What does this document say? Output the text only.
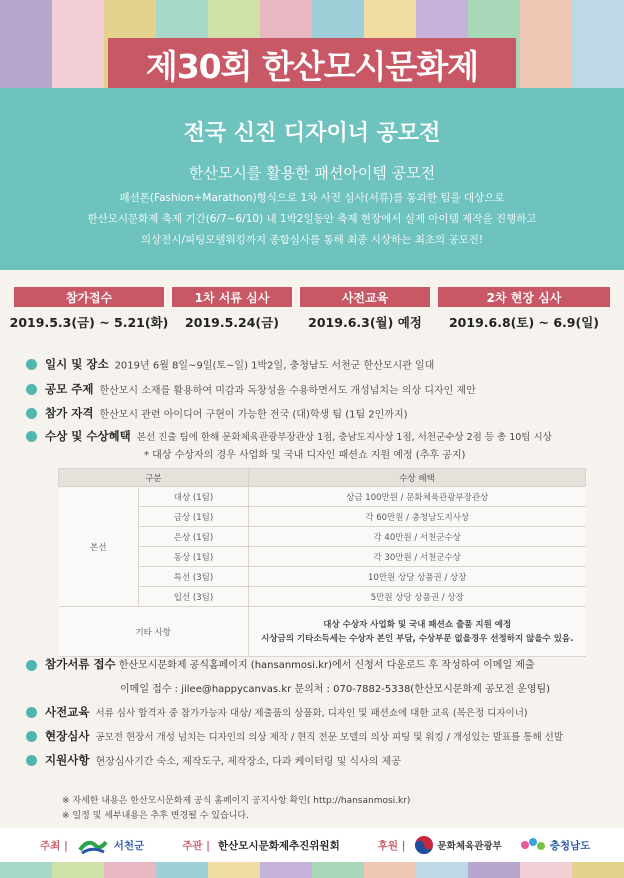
제30회 한산모시문화제
전국 신진 디자이너 공모전
한산모시를 활용한 패션아이템 공모전
패션톤(Fashion+Marathon)형식으로 1차 사전 심사(서류)를 통과한 팀을 대상으로
한산모시문화제 축제 기간(6/7~6/10) 내 1박2일동안 축제 현장에서 실제 아이템 제작을 진행하고
의상전시/피팅모델워킹까지 종합심사를 통해 최종 시상하는 최초의 공모전!
참가접수
2019.5.3(금) ~ 5.21(화)
1차 서류 심사
2019.5.24(금)
사전교육
2019.6.3(월) 예정
2차 현장 심사
2019.6.8(토) ~ 6.9(일)
일시 및 장소 2019년 6월 8일~9일(토~일) 1박2일, 충청남도 서천군 한산모시관 일대
공모 주제 한산모시 소재를 활용하여 미감과 독창성을 수용하면서도 개성넘치는 의상 디자인 제안
참가 자격 한산모시 관련 아이디어 구현이 가능한 전국 (대)학생 팀 (1팀 2인까지)
수상 및 수상혜택 본선 진출 팀에 한해 문화체육관광부장관상 1점, 충남도지사상 1점, 서천군수상 2점 등 총 10팀 시상
* 대상 수상자의 경우 사업화 및 국내 디자인 패션쇼 지원 예정 (추후 공지)
구분		수상 혜택
본선	대상 (1팀)	상금 100만원 / 문화체육관광부장관상
	금상 (1팀)	각 60만원 / 충청남도지사상
	은상 (1팀)	각 40만원 / 서천군수상
	동상 (1팀)	각 30만원 / 서천군수상
	특선 (3팀)	10만원 상당 상품권 / 상장
	입선 (3팀)	5만원 상당 상품권 / 상장
기타 사항		대상 수상자 사업화 및 국내 패션쇼 출품 지원 예정
시상금의 기타소득세는 수상자 본인 부담, 수상부문 없을경우 선정하지 않을수 있음.
참가서류 접수 한산모시문화제 공식홈페이지 (hansanmosi.kr)에서 신청서 다운로드 후 작성하여 이메일 제출
이메일 접수 : jilee@happycanvas.kr 문의처 : 070-7882-5338(한산모시문화제 공모전 운영팀)
사전교육 서류 심사 합격자 중 참가가능자 대상/ 제출품의 상품화, 디자인 및 패션쇼에 대한 교육 (목은정 디자이너)
현장심사 공모전 현장서 개성 넘치는 디자인의 의상 제작 / 현직 전문 모델의 의상 피팅 및 워킹 / 개성있는 발표를 통해 선발
지원사항 현장심사기간 숙소, 제작도구, 제작장소, 다과 케이터링 및 식사의 제공
※ 자세한 내용은 한산모시문화제 공식 홈페이지 공지사항 확인( http://hansanmosi.kr)
※ 일정 및 세부내용은 추후 변경될 수 있습니다.
주최 |	서천군	주관 | 한산모시문화제추진위원회	후원 |	문화체육관광부	충청남도
